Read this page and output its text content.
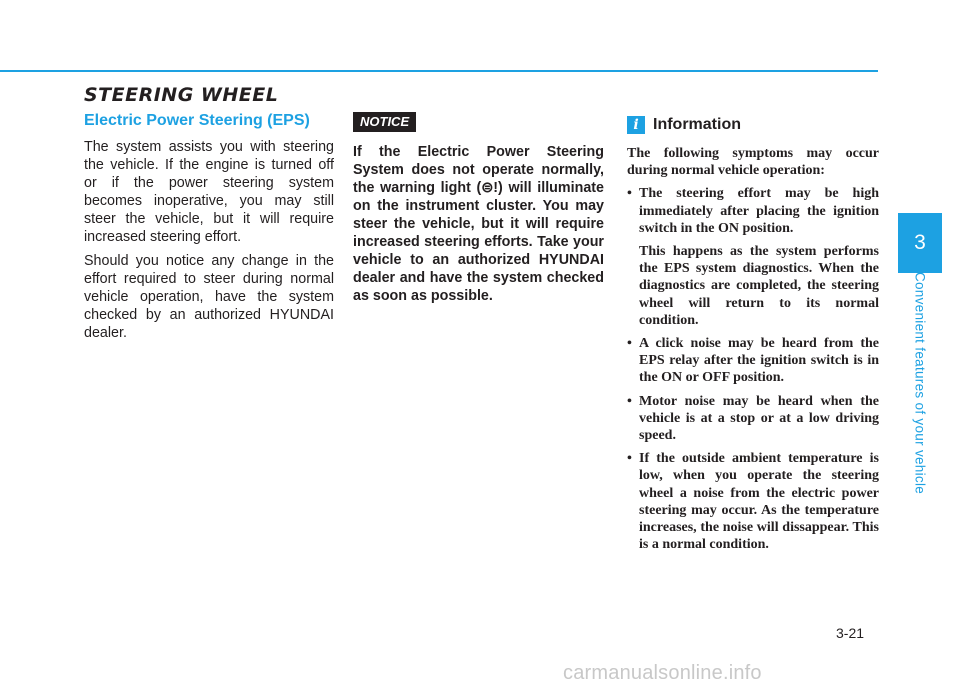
STEERING WHEEL
Electric Power Steering (EPS)

The system assists you with steering the vehicle. If the engine is turned off or if the power steering system becomes inoperative, you may still steer the vehicle, but it will require increased steering effort.

Should you notice any change in the effort required to steer during normal vehicle operation, have the system checked by an authorized HYUNDAI dealer.

NOTICE

If the Electric Power Steering System does not operate normally, the warning light (⊜!) will illuminate on the instrument cluster. You may steer the vehicle, but it will require increased steering efforts. Take your vehicle to an authorized HYUNDAI dealer and have the system checked as soon as possible.

i Information

The following symptoms may occur during normal vehicle operation:

• The steering effort may be high immediately after placing the ignition switch in the ON position.

This happens as the system performs the EPS system diagnostics. When the diagnostics are completed, the steering wheel will return to its normal condition.

• A click noise may be heard from the EPS relay after the ignition switch is in the ON or OFF position.

• Motor noise may be heard when the vehicle is at a stop or at a low driving speed.

• If the outside ambient temperature is low, when you operate the steering wheel a noise from the electric power steering may occur. As the temperature increases, the noise will dissappear. This is a normal condition.

3
Convenient features of your vehicle
3-21
carmanualsonline.info
